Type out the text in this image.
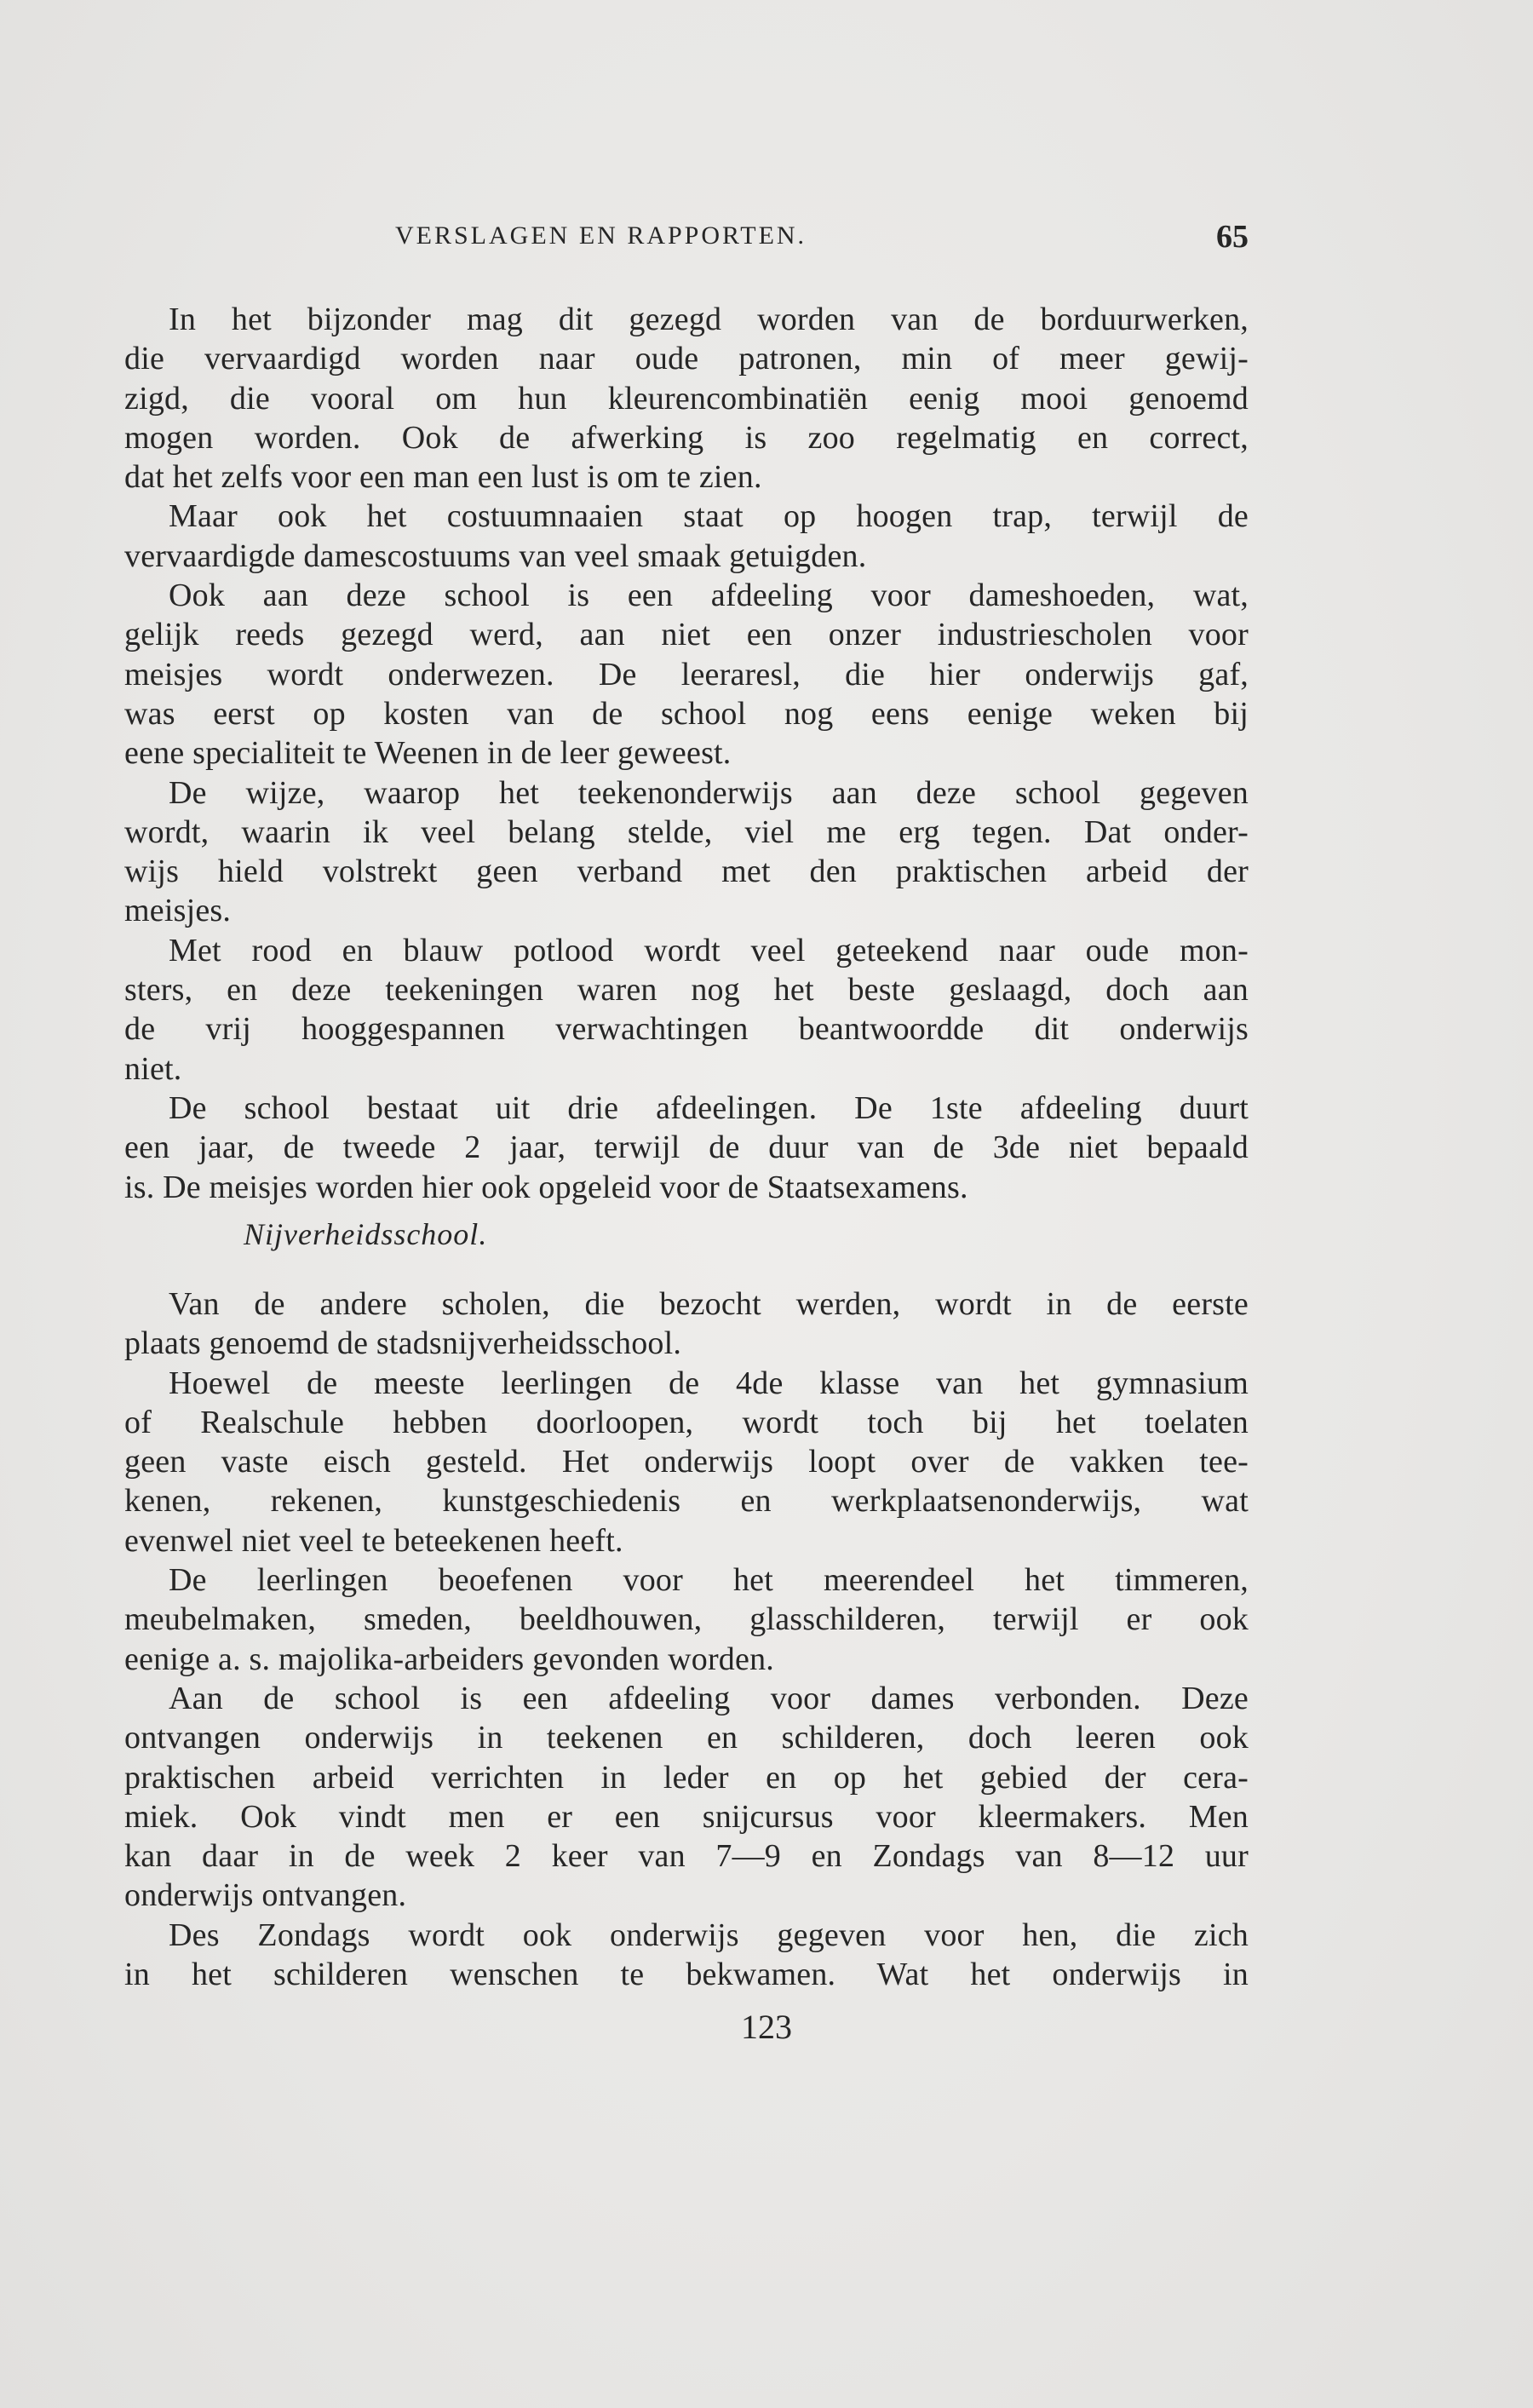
VERSLAGEN EN RAPPORTEN.	65
In het bijzonder mag dit gezegd worden van de borduurwerken,
die vervaardigd worden naar oude patronen, min of meer gewij-
zigd, die vooral om hun kleurencombinatiën eenig mooi genoemd
mogen worden. Ook de afwerking is zoo regelmatig en correct,
dat het zelfs voor een man een lust is om te zien.
Maar ook het costuumnaaien staat op hoogen trap, terwijl de
vervaardigde damescostuums van veel smaak getuigden.
Ook aan deze school is een afdeeling voor dameshoeden, wat,
gelijk reeds gezegd werd, aan niet een onzer industriescholen voor
meisjes wordt onderwezen. De leeraresl, die hier onderwijs gaf,
was eerst op kosten van de school nog eens eenige weken bij
eene specialiteit te Weenen in de leer geweest.
De wijze, waarop het teekenonderwijs aan deze school gegeven
wordt, waarin ik veel belang stelde, viel me erg tegen. Dat onder-
wijs hield volstrekt geen verband met den praktischen arbeid der
meisjes.
Met rood en blauw potlood wordt veel geteekend naar oude mon-
sters, en deze teekeningen waren nog het beste geslaagd, doch aan
de vrij hooggespannen verwachtingen beantwoordde dit onderwijs
niet.
De school bestaat uit drie afdeelingen. De 1ste afdeeling duurt
een jaar, de tweede 2 jaar, terwijl de duur van de 3de niet bepaald
is. De meisjes worden hier ook opgeleid voor de Staatsexamens.
Nijverheidsschool.
Van de andere scholen, die bezocht werden, wordt in de eerste
plaats genoemd de stadsnijverheidsschool.
Hoewel de meeste leerlingen de 4de klasse van het gymnasium
of Realschule hebben doorloopen, wordt toch bij het toelaten
geen vaste eisch gesteld. Het onderwijs loopt over de vakken tee-
kenen, rekenen, kunstgeschiedenis en werkplaatsenonderwijs, wat
evenwel niet veel te beteekenen heeft.
De leerlingen beoefenen voor het meerendeel het timmeren,
meubelmaken, smeden, beeldhouwen, glasschilderen, terwijl er ook
eenige a. s. majolika-arbeiders gevonden worden.
Aan de school is een afdeeling voor dames verbonden. Deze
ontvangen onderwijs in teekenen en schilderen, doch leeren ook
praktischen arbeid verrichten in leder en op het gebied der cera-
miek. Ook vindt men er een snijcursus voor kleermakers. Men
kan daar in de week 2 keer van 7—9 en Zondags van 8—12 uur
onderwijs ontvangen.
Des Zondags wordt ook onderwijs gegeven voor hen, die zich
in het schilderen wenschen te bekwamen. Wat het onderwijs in
123
